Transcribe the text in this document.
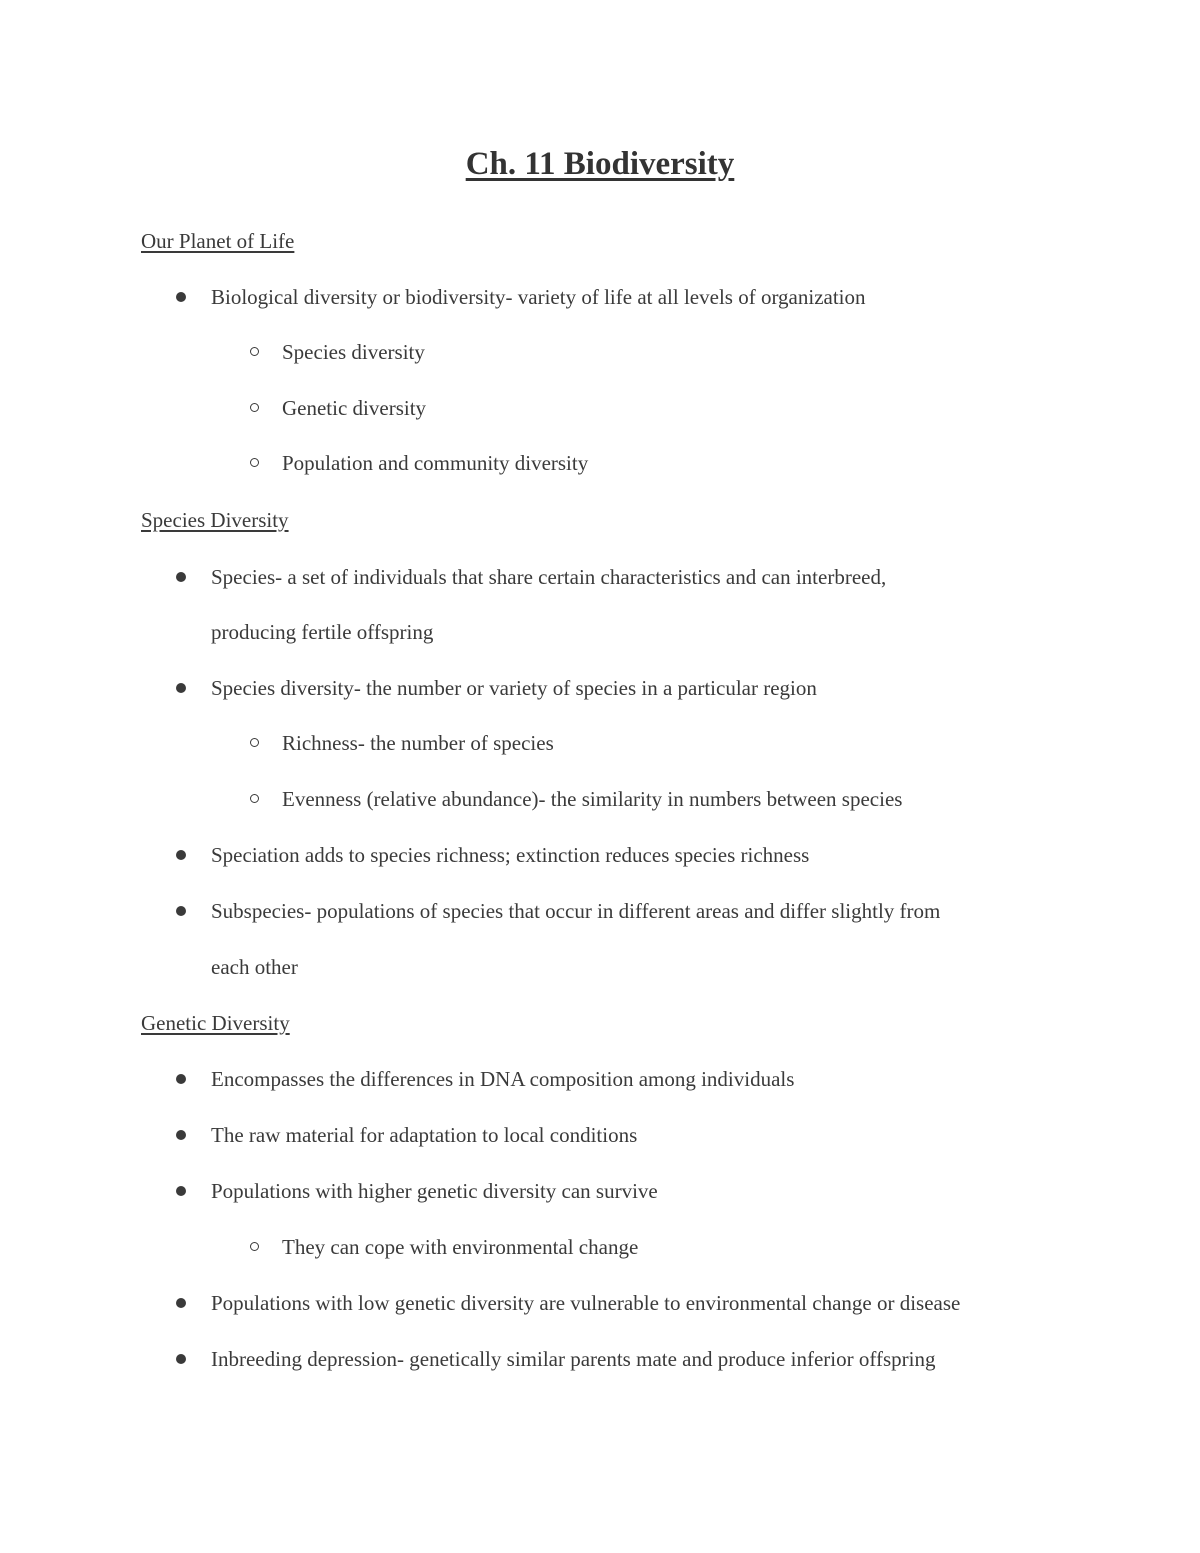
Ch. 11 Biodiversity
Our Planet of Life
Biological diversity or biodiversity- variety of life at all levels of organization
Species diversity
Genetic diversity
Population and community diversity
Species Diversity
Species- a set of individuals that share certain characteristics and can interbreed,
producing fertile offspring
Species diversity- the number or variety of species in a particular region
Richness- the number of species
Evenness (relative abundance)- the similarity in numbers between species
Speciation adds to species richness; extinction reduces species richness
Subspecies- populations of species that occur in different areas and differ slightly from
each other
Genetic Diversity
Encompasses the differences in DNA composition among individuals
The raw material for adaptation to local conditions
Populations with higher genetic diversity can survive
They can cope with environmental change
Populations with low genetic diversity are vulnerable to environmental change or disease
Inbreeding depression- genetically similar parents mate and produce inferior offspring
